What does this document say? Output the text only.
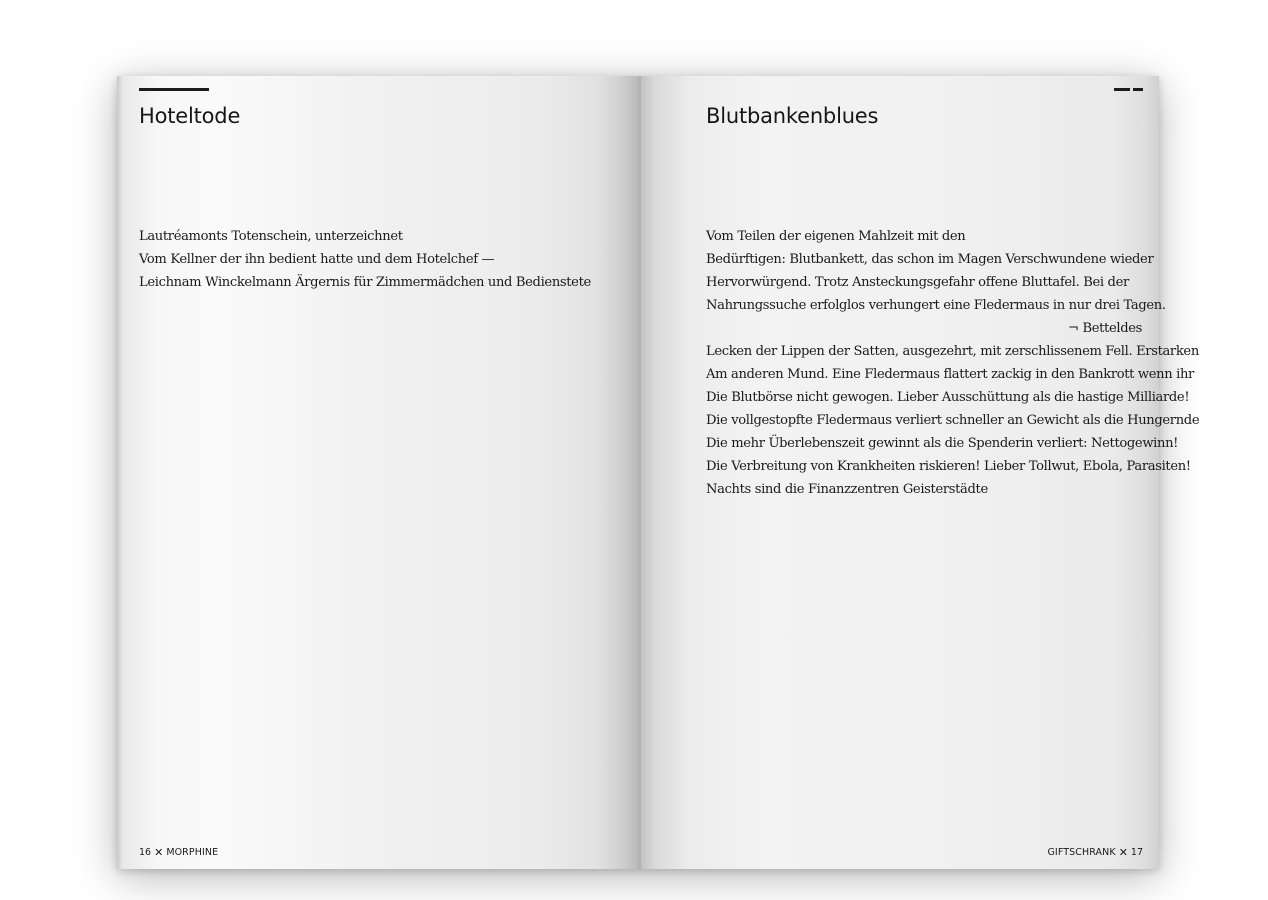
Hoteltode
Lautréamonts Totenschein, unterzeichnet
Vom Kellner der ihn bedient hatte und dem Hotelchef —
Leichnam Winckelmann Ärgernis für Zimmermädchen und Bedienstete
16 ✕ MORPHINE
Blutbankenblues
Vom Teilen der eigenen Mahlzeit mit den
Bedürftigen: Blutbankett, das schon im Magen Verschwundene wieder
Hervorwürgend. Trotz Ansteckungsgefahr offene Bluttafel. Bei der
Nahrungssuche erfolglos verhungert eine Fledermaus in nur drei Tagen.
¬ Betteldes
Lecken der Lippen der Satten, ausgezehrt, mit zerschlissenem Fell. Erstarken
Am anderen Mund. Eine Fledermaus flattert zackig in den Bankrott wenn ihr
Die Blutbörse nicht gewogen. Lieber Ausschüttung als die hastige Milliarde!
Die vollgestopfte Fledermaus verliert schneller an Gewicht als die Hungernde
Die mehr Überlebenszeit gewinnt als die Spenderin verliert: Nettogewinn!
Die Verbreitung von Krankheiten riskieren! Lieber Tollwut, Ebola, Parasiten!
Nachts sind die Finanzzentren Geisterstädte
GIFTSCHRANK ✕ 17
